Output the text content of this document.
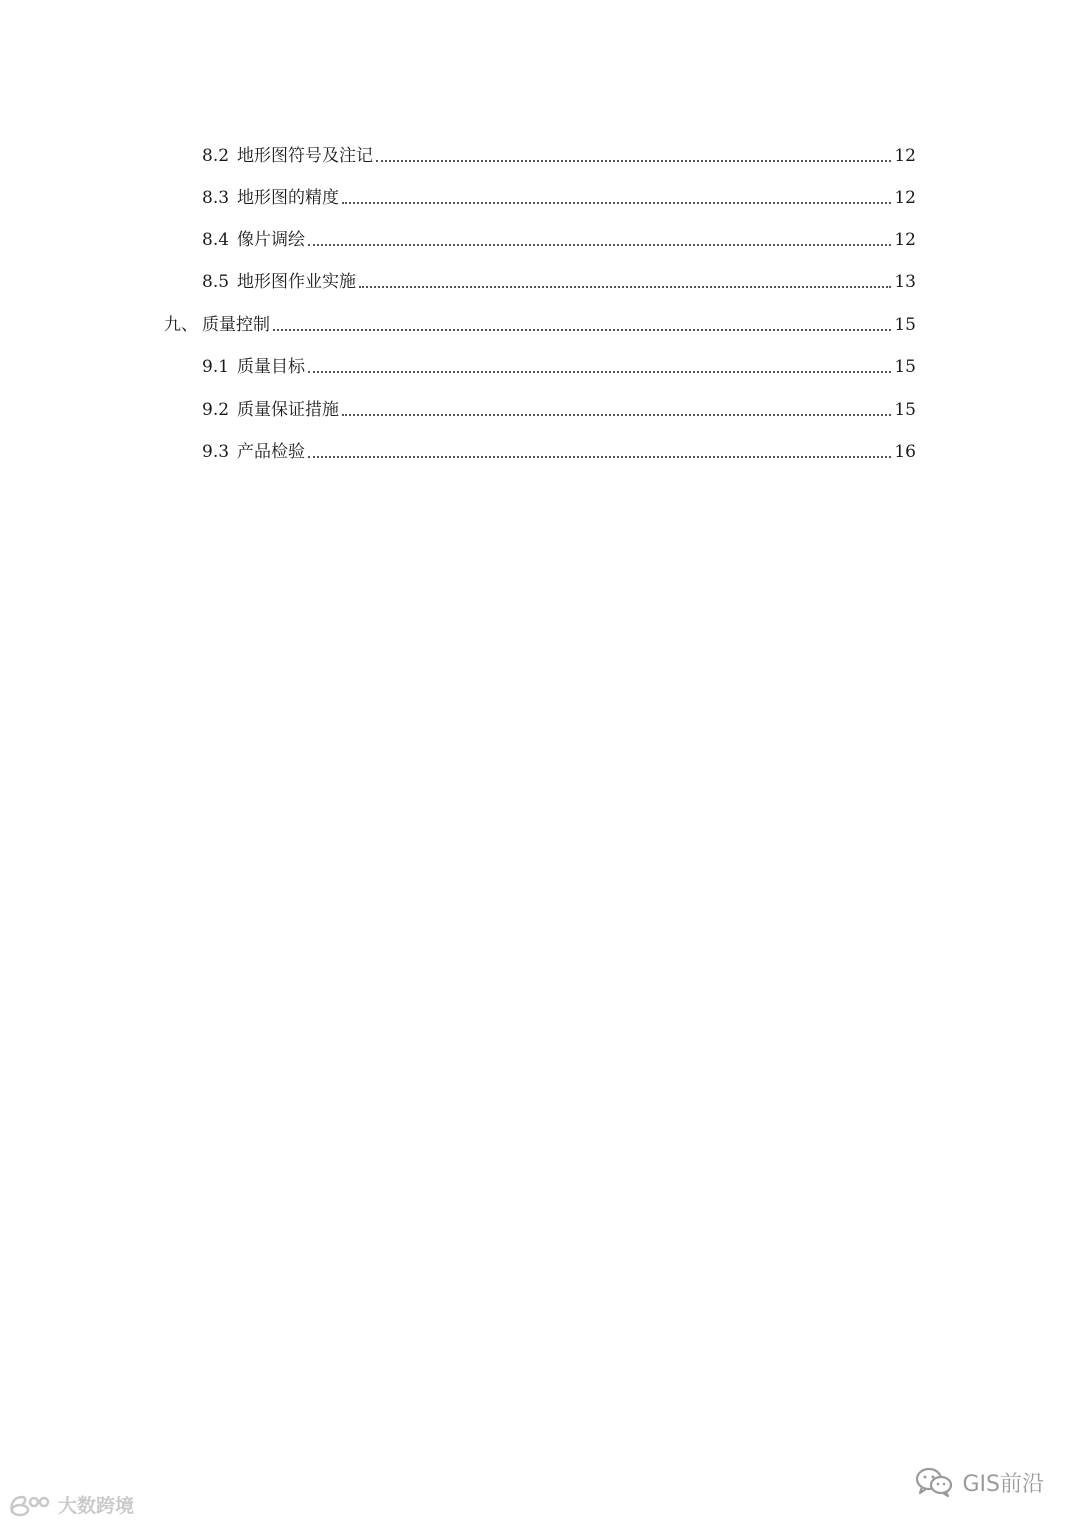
8.2 地形图符号及注记	12
8.3 地形图的精度	12
8.4 像片调绘	12
8.5 地形图作业实施	13
九、 质量控制	15
9.1 质量目标	15
9.2 质量保证措施	15
9.3 产品检验	16
GIS前沿
大数跨境
